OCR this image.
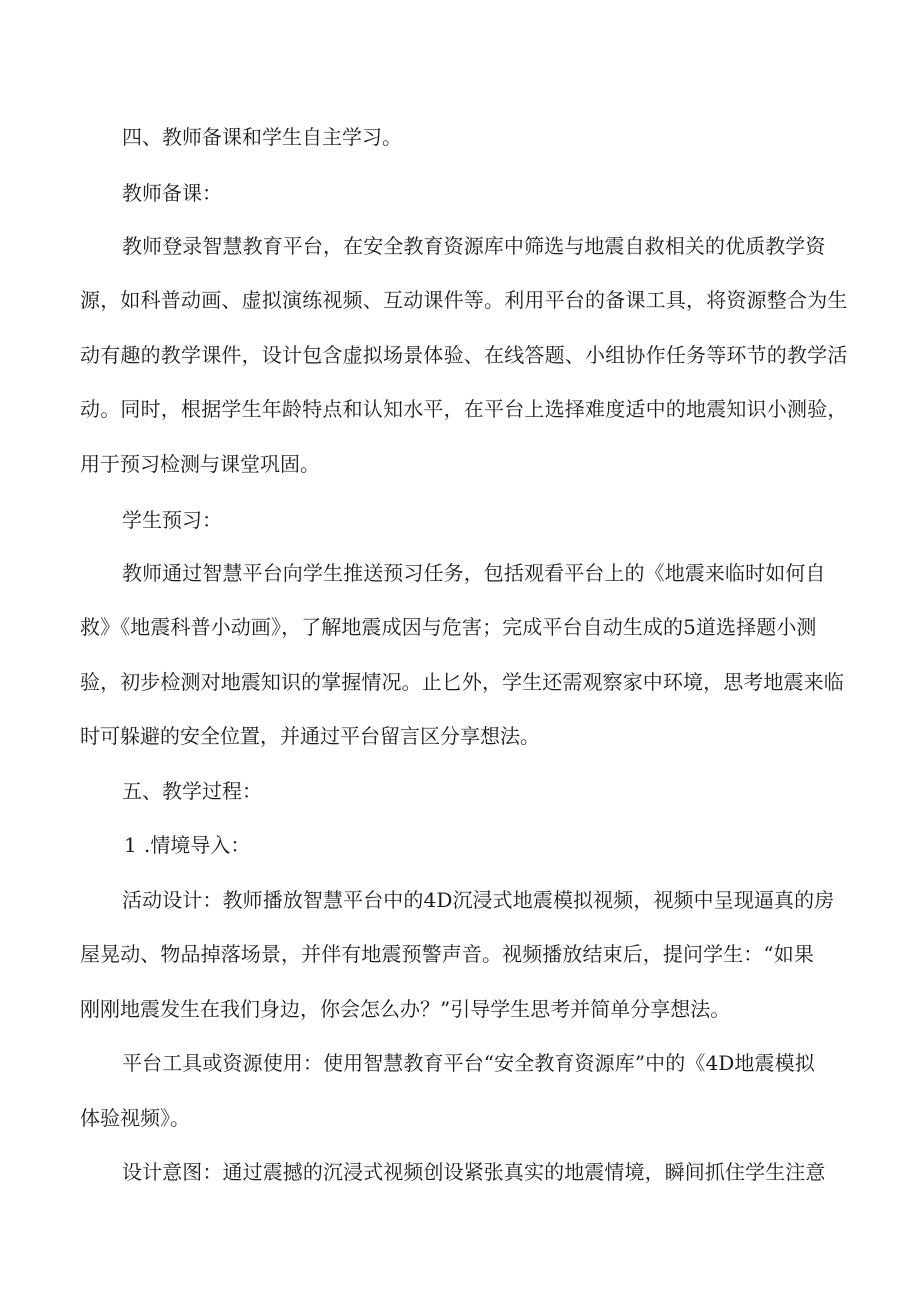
四、教师备课和学生自主学习。
教师备课：
教师登录智慧教育平台，在安全教育资源库中筛选与地震自救相关的优质教学资
源，如科普动画、虚拟演练视频、互动课件等。利用平台的备课工具，将资源整合为生
动有趣的教学课件，设计包含虚拟场景体验、在线答题、小组协作任务等环节的教学活
动。同时，根据学生年龄特点和认知水平，在平台上选择难度适中的地震知识小测验，
用于预习检测与课堂巩固。
学生预习：
教师通过智慧平台向学生推送预习任务，包括观看平台上的《地震来临时如何自
救》《地震科普小动画》，了解地震成因与危害；完成平台自动生成的5道选择题小测
验，初步检测对地震知识的掌握情况。止匕外，学生还需观察家中环境，思考地震来临
时可躲避的安全位置，并通过平台留言区分享想法。
五、教学过程：
1 .情境导入：
活动设计：教师播放智慧平台中的4D沉浸式地震模拟视频，视频中呈现逼真的房
屋晃动、物品掉落场景，并伴有地震预警声音。视频播放结束后，提问学生：“如果
刚刚地震发生在我们身边，你会怎么办？”引导学生思考并简单分享想法。
平台工具或资源使用：使用智慧教育平台“安全教育资源库”中的《4D地震模拟
体验视频》。
设计意图：通过震撼的沉浸式视频创设紧张真实的地震情境，瞬间抓住学生注意
